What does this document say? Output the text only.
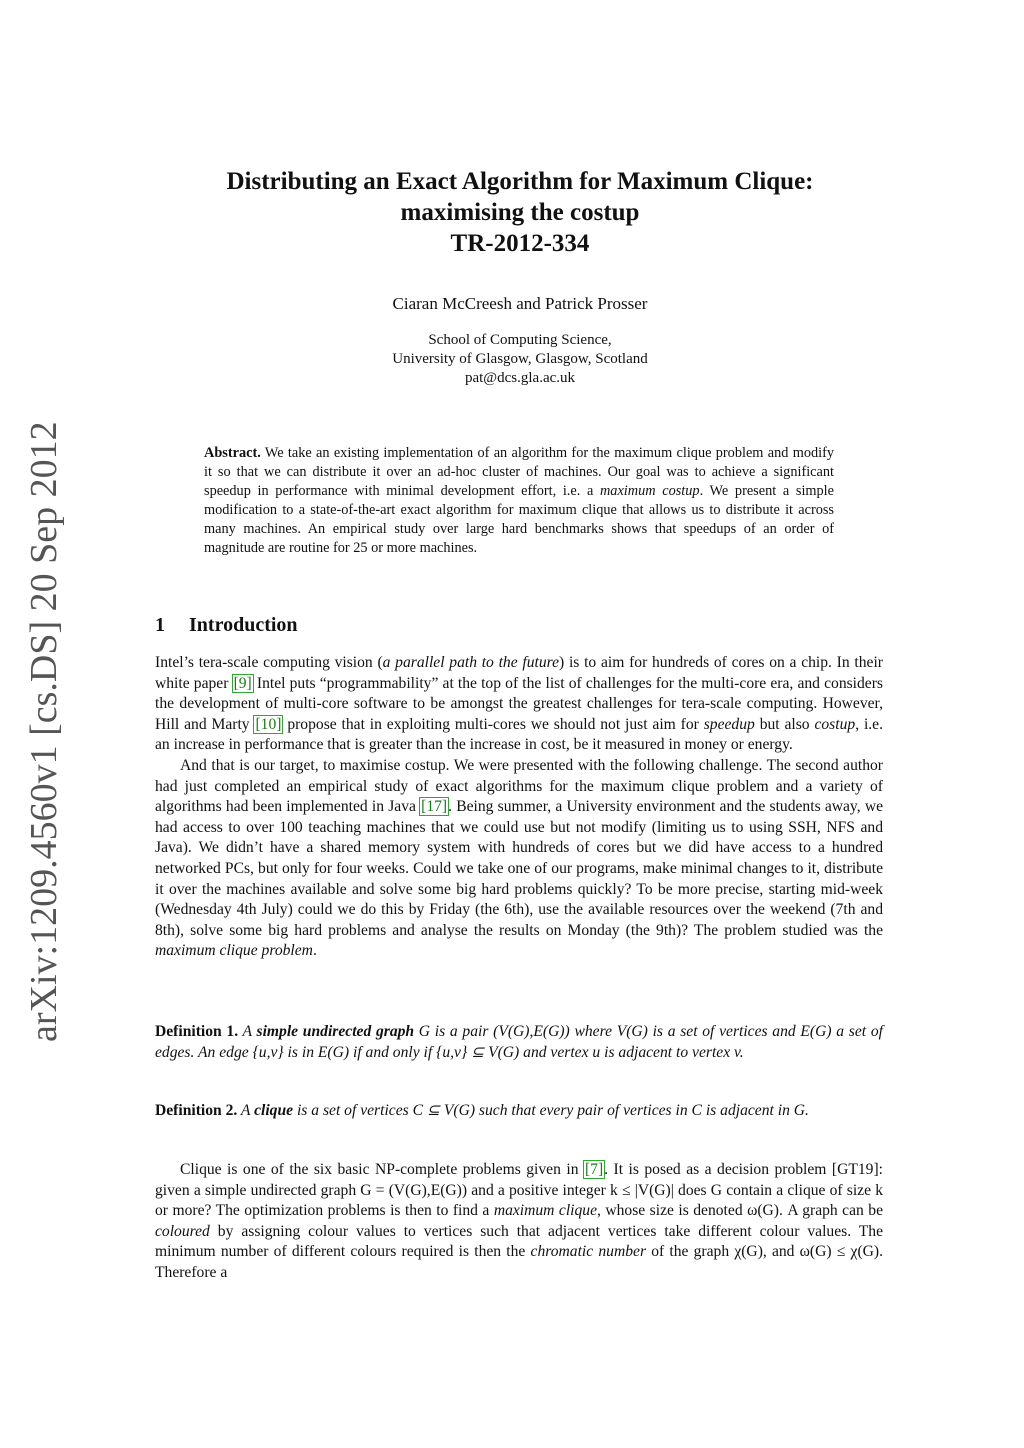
arXiv:1209.4560v1 [cs.DS] 20 Sep 2012
Distributing an Exact Algorithm for Maximum Clique:
maximising the costup
TR-2012-334
Ciaran McCreesh and Patrick Prosser
School of Computing Science,
University of Glasgow, Glasgow, Scotland
pat@dcs.gla.ac.uk
Abstract. We take an existing implementation of an algorithm for the maximum clique problem and modify it so that we can distribute it over an ad-hoc cluster of machines. Our goal was to achieve a significant speedup in performance with minimal development effort, i.e. a maximum costup. We present a simple modification to a state-of-the-art exact algorithm for maximum clique that allows us to distribute it across many machines. An empirical study over large hard benchmarks shows that speedups of an order of magnitude are routine for 25 or more machines.
1 Introduction

Intel’s tera-scale computing vision (a parallel path to the future) is to aim for hundreds of cores on a chip. In their white paper [9] Intel puts “programmability” at the top of the list of challenges for the multi-core era, and considers the development of multi-core software to be amongst the greatest challenges for tera-scale computing. However, Hill and Marty [10] propose that in exploiting multi-cores we should not just aim for speedup but also costup, i.e. an increase in performance that is greater than the increase in cost, be it measured in money or energy.

And that is our target, to maximise costup. We were presented with the following challenge. The second author had just completed an empirical study of exact algorithms for the maximum clique problem and a variety of algorithms had been implemented in Java [17]. Being summer, a University environment and the students away, we had access to over 100 teaching machines that we could use but not modify (limiting us to using SSH, NFS and Java). We didn’t have a shared memory system with hundreds of cores but we did have access to a hundred networked PCs, but only for four weeks. Could we take one of our programs, make minimal changes to it, distribute it over the machines available and solve some big hard problems quickly? To be more precise, starting mid-week (Wednesday 4th July) could we do this by Friday (the 6th), use the available resources over the weekend (7th and 8th), solve some big hard problems and analyse the results on Monday (the 9th)? The problem studied was the maximum clique problem.

Definition 1. A simple undirected graph G is a pair (V(G),E(G)) where V(G) is a set of vertices and E(G) a set of edges. An edge {u,v} is in E(G) if and only if {u,v} ⊆ V(G) and vertex u is adjacent to vertex v.
Definition 2. A clique is a set of vertices C ⊆ V(G) such that every pair of vertices in C is adjacent in G.

Clique is one of the six basic NP-complete problems given in [7]. It is posed as a decision problem [GT19]: given a simple undirected graph G = (V(G),E(G)) and a positive integer k ≤ |V(G)| does G contain a clique of size k or more? The optimization problems is then to find a maximum clique, whose size is denoted ω(G). A graph can be coloured by assigning colour values to vertices such that adjacent vertices take different colour values. The minimum number of different colours required is then the chromatic number of the graph χ(G), and ω(G) ≤ χ(G). Therefore a
